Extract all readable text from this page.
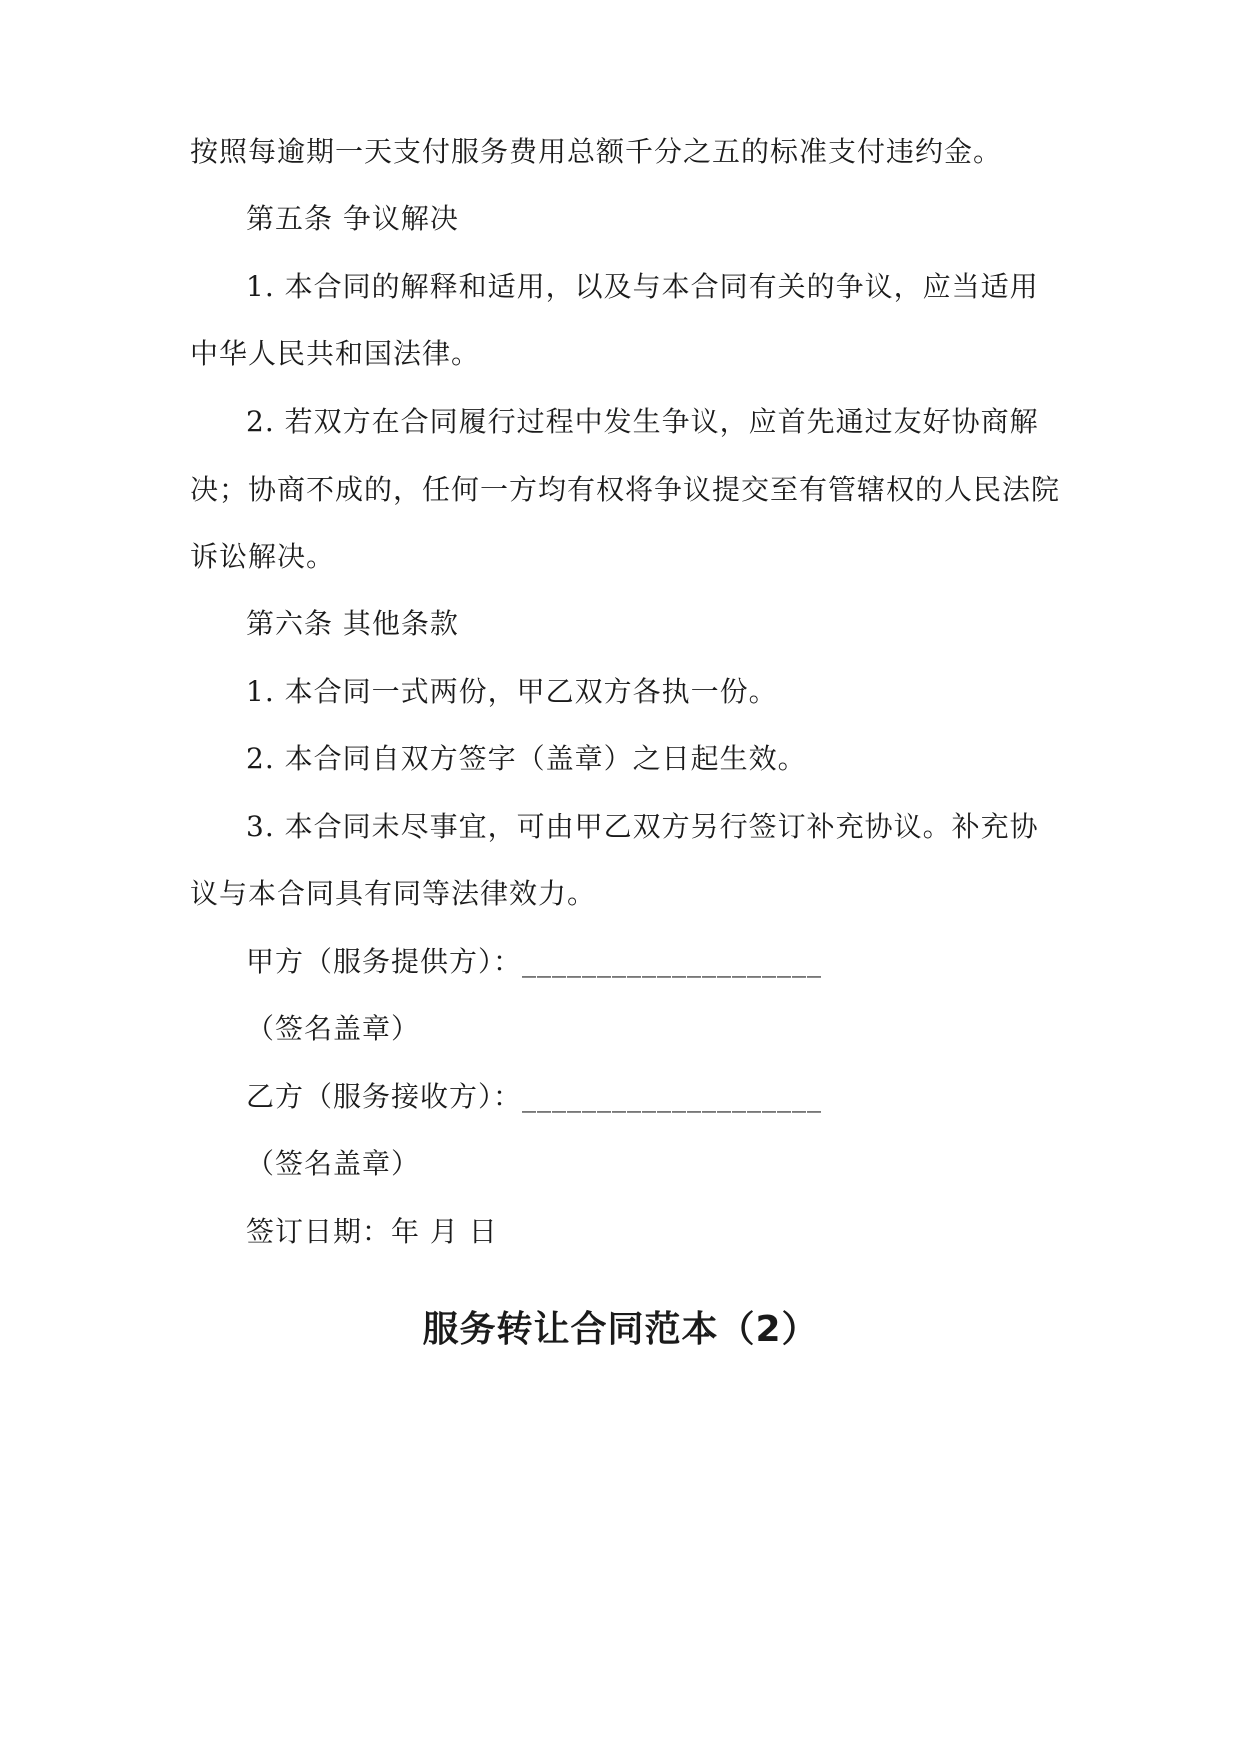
按照每逾期一天支付服务费用总额千分之五的标准支付违约金。
第五条 争议解决
1. 本合同的解释和适用，以及与本合同有关的争议，应当适用
中华人民共和国法律。
2. 若双方在合同履行过程中发生争议，应首先通过友好协商解
决；协商不成的，任何一方均有权将争议提交至有管辖权的人民法院
诉讼解决。
第六条 其他条款
1. 本合同一式两份，甲乙双方各执一份。
2. 本合同自双方签字（盖章）之日起生效。
3. 本合同未尽事宜，可由甲乙双方另行签订补充协议。补充协
议与本合同具有同等法律效力。
甲方（服务提供方）：____________________
（签名盖章）
乙方（服务接收方）：____________________
（签名盖章）
签订日期：年 月 日
服务转让合同范本（2）
